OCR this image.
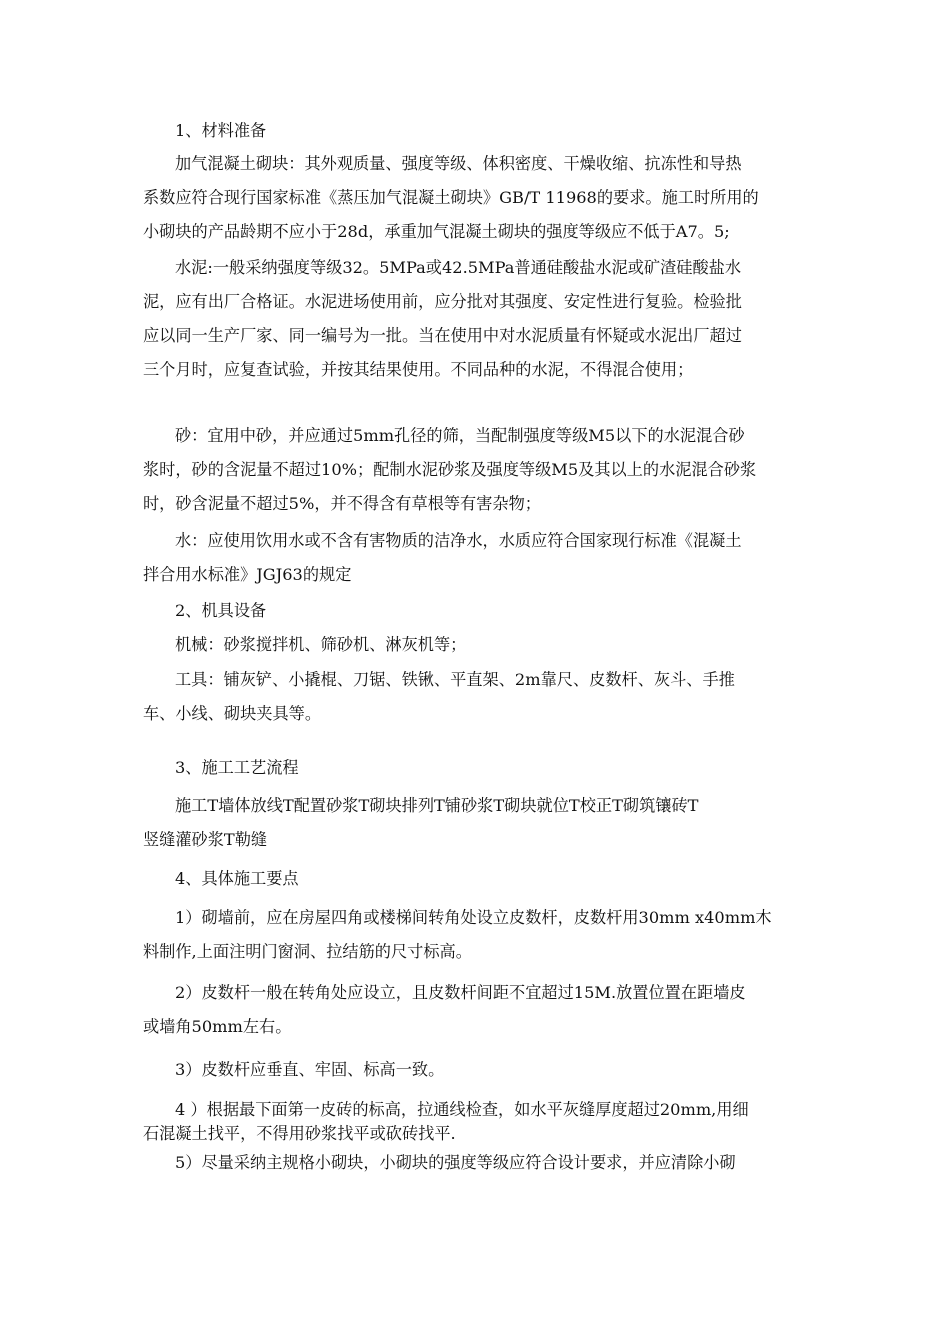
1、材料准备

加气混凝土砌块：其外观质量、强度等级、体积密度、干燥收缩、抗冻性和导热
系数应符合现行国家标准《蒸压加气混凝土砌块》GB/T 11968的要求。施工时所用的
小砌块的产品龄期不应小于28d，承重加气混凝土砌块的强度等级应不低于A7。5;

水泥:一般采纳强度等级32。5MPa或42.5MPa普通硅酸盐水泥或矿渣硅酸盐水
泥，应有出厂合格证。水泥进场使用前，应分批对其强度、安定性进行复验。检验批
应以同一生产厂家、同一编号为一批。当在使用中对水泥质量有怀疑或水泥出厂超过
三个月时，应复查试验，并按其结果使用。不同品种的水泥，不得混合使用；

砂：宜用中砂，并应通过5mm孔径的筛，当配制强度等级M5以下的水泥混合砂
浆时，砂的含泥量不超过10%；配制水泥砂浆及强度等级M5及其以上的水泥混合砂浆
时，砂含泥量不超过5%，并不得含有草根等有害杂物；

水：应使用饮用水或不含有害物质的洁净水，水质应符合国家现行标准《混凝土
拌合用水标准》JGJ63的规定

2、机具设备

机械：砂浆搅拌机、筛砂机、淋灰机等；

工具：铺灰铲、小撬棍、刀锯、铁锹、平直架、2m靠尺、皮数杆、灰斗、手推
车、小线、砌块夹具等。

3、施工工艺流程

施工T墙体放线T配置砂浆T砌块排列T铺砂浆T砌块就位T校正T砌筑镶砖T
竖缝灌砂浆T勒缝

4、具体施工要点

1）砌墙前，应在房屋四角或楼梯间转角处设立皮数杆，皮数杆用30mm x40mm木
料制作,上面注明门窗洞、拉结筋的尺寸标高。

2）皮数杆一般在转角处应设立，且皮数杆间距不宜超过15M.放置位置在距墙皮
或墙角50mm左右。

3）皮数杆应垂直、牢固、标高一致。

4 ）根据最下面第一皮砖的标高，拉通线检查，如水平灰缝厚度超过20mm,用细
石混凝土找平，不得用砂浆找平或砍砖找平.

5）尽量采纳主规格小砌块，小砌块的强度等级应符合设计要求，并应清除小砌
